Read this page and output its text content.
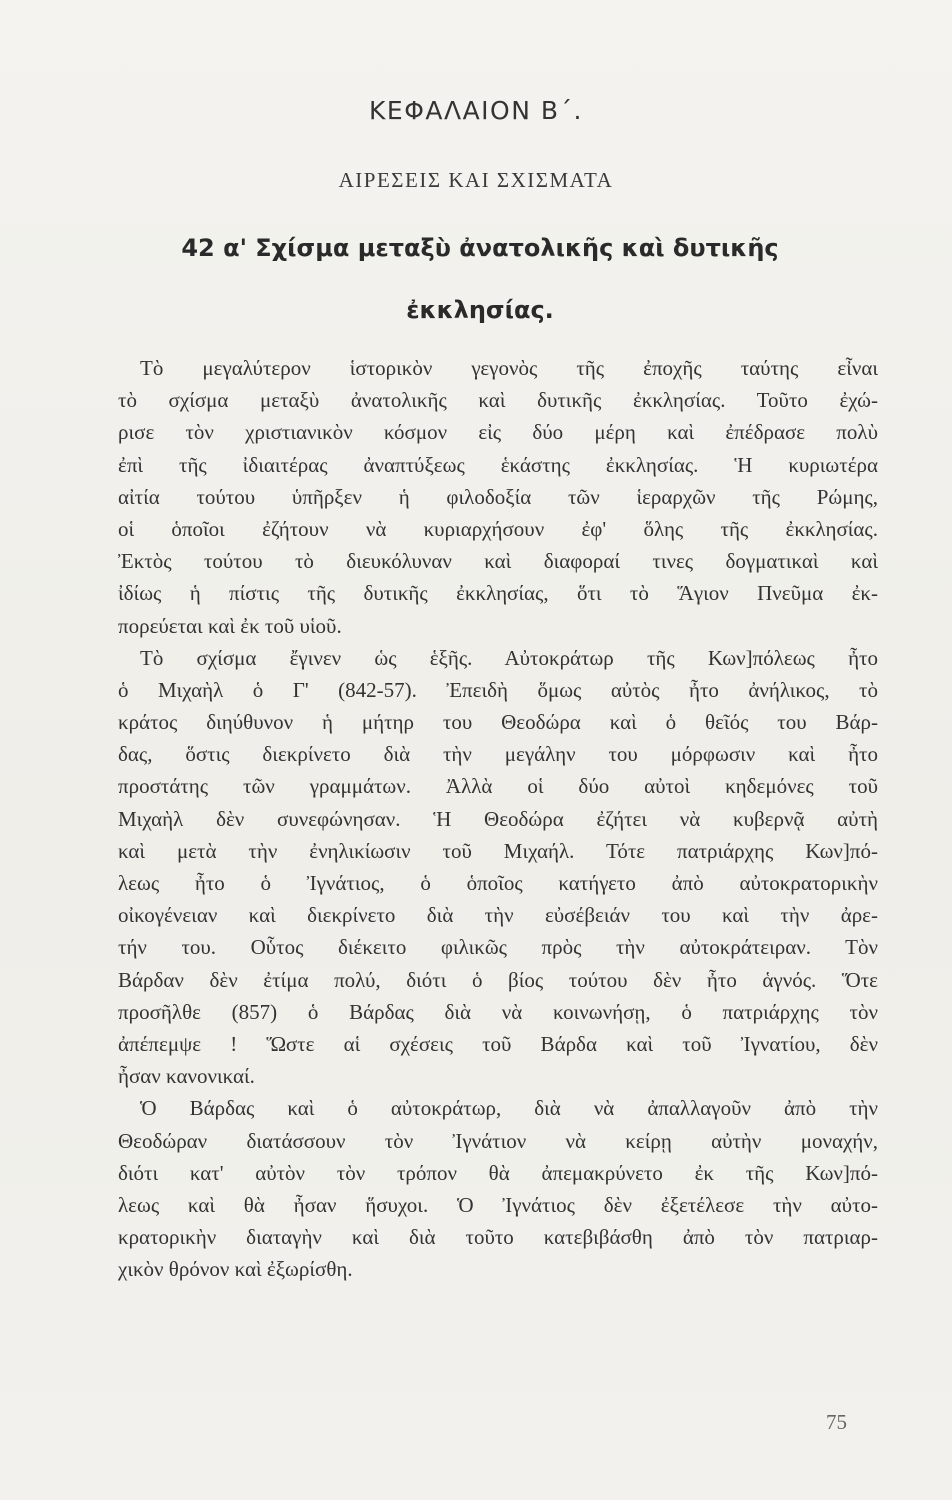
ΚΕΦΑΛΑΙΟΝ Β΄.
ΑΙΡΕΣΕΙΣ ΚΑΙ ΣΧΙΣΜΑΤΑ
42 α' Σχίσμα μεταξὺ ἀνατολικῆς καὶ δυτικῆς
ἐκκλησίας.
Τὸ μεγαλύτερον ἱστορικὸν γεγονὸς τῆς ἐποχῆς ταύτης εἶναι
τὸ σχίσμα μεταξὺ ἀνατολικῆς καὶ δυτικῆς ἐκκλησίας. Τοῦτο ἐχώ-
ρισε τὸν χριστιανικὸν κόσμον εἰς δύο μέρη καὶ ἐπέδρασε πολὺ
ἐπὶ τῆς ἰδιαιτέρας ἀναπτύξεως ἑκάστης ἐκκλησίας. Ἡ κυριωτέρα
αἰτία τούτου ὑπῆρξεν ἡ φιλοδοξία τῶν ἱεραρχῶν τῆς Ρώμης,
οἱ ὁποῖοι ἐζήτουν νὰ κυριαρχήσουν ἐφ' ὅλης τῆς ἐκκλησίας.
Ἐκτὸς τούτου τὸ διευκόλυναν καὶ διαφοραί τινες δογματικαὶ καὶ
ἰδίως ἡ πίστις τῆς δυτικῆς ἐκκλησίας, ὅτι τὸ Ἅγιον Πνεῦμα ἐκ-
πορεύεται καὶ ἐκ τοῦ υἱοῦ.
Τὸ σχίσμα ἔγινεν ὡς ἑξῆς. Αὐτοκράτωρ τῆς Κων]πόλεως ἦτο
ὁ Μιχαὴλ ὁ Γ' (842-57). Ἐπειδὴ ὅμως αὐτὸς ἦτο ἀνήλικος, τὸ
κράτος διηύθυνον ἡ μήτηρ του Θεοδώρα καὶ ὁ θεῖός του Βάρ-
δας, ὅστις διεκρίνετο διὰ τὴν μεγάλην του μόρφωσιν καὶ ἦτο
προστάτης τῶν γραμμάτων. Ἀλλὰ οἱ δύο αὐτοὶ κηδεμόνες τοῦ
Μιχαὴλ δὲν συνεφώνησαν. Ἡ Θεοδώρα ἐζήτει νὰ κυβερνᾷ αὐτὴ
καὶ μετὰ τὴν ἐνηλικίωσιν τοῦ Μιχαήλ. Τότε πατριάρχης Κων]πό-
λεως ἦτο ὁ Ἰγνάτιος, ὁ ὁποῖος κατήγετο ἀπὸ αὐτοκρατορικὴν
οἰκογένειαν καὶ διεκρίνετο διὰ τὴν εὐσέβειάν του καὶ τὴν ἀρε-
τήν του. Οὗτος διέκειτο φιλικῶς πρὸς τὴν αὐτοκράτειραν. Τὸν
Βάρδαν δὲν ἐτίμα πολύ, διότι ὁ βίος τούτου δὲν ἦτο ἁγνός. Ὅτε
προσῆλθε (857) ὁ Βάρδας διὰ νὰ κοινωνήσῃ, ὁ πατριάρχης τὸν
ἀπέπεμψε ! Ὥστε αἱ σχέσεις τοῦ Βάρδα καὶ τοῦ Ἰγνατίου, δὲν
ἦσαν κανονικαί.
Ὁ Βάρδας καὶ ὁ αὐτοκράτωρ, διὰ νὰ ἀπαλλαγοῦν ἀπὸ τὴν
Θεοδώραν διατάσσουν τὸν Ἰγνάτιον νὰ κείρῃ αὐτὴν μοναχήν,
διότι κατ' αὐτὸν τὸν τρόπον θὰ ἀπεμακρύνετο ἐκ τῆς Κων]πό-
λεως καὶ θὰ ἦσαν ἥσυχοι. Ὁ Ἰγνάτιος δὲν ἐξετέλεσε τὴν αὐτο-
κρατορικὴν διαταγὴν καὶ διὰ τοῦτο κατεβιβάσθη ἀπὸ τὸν πατριαρ-
χικὸν θρόνον καὶ ἐξωρίσθη.
75
